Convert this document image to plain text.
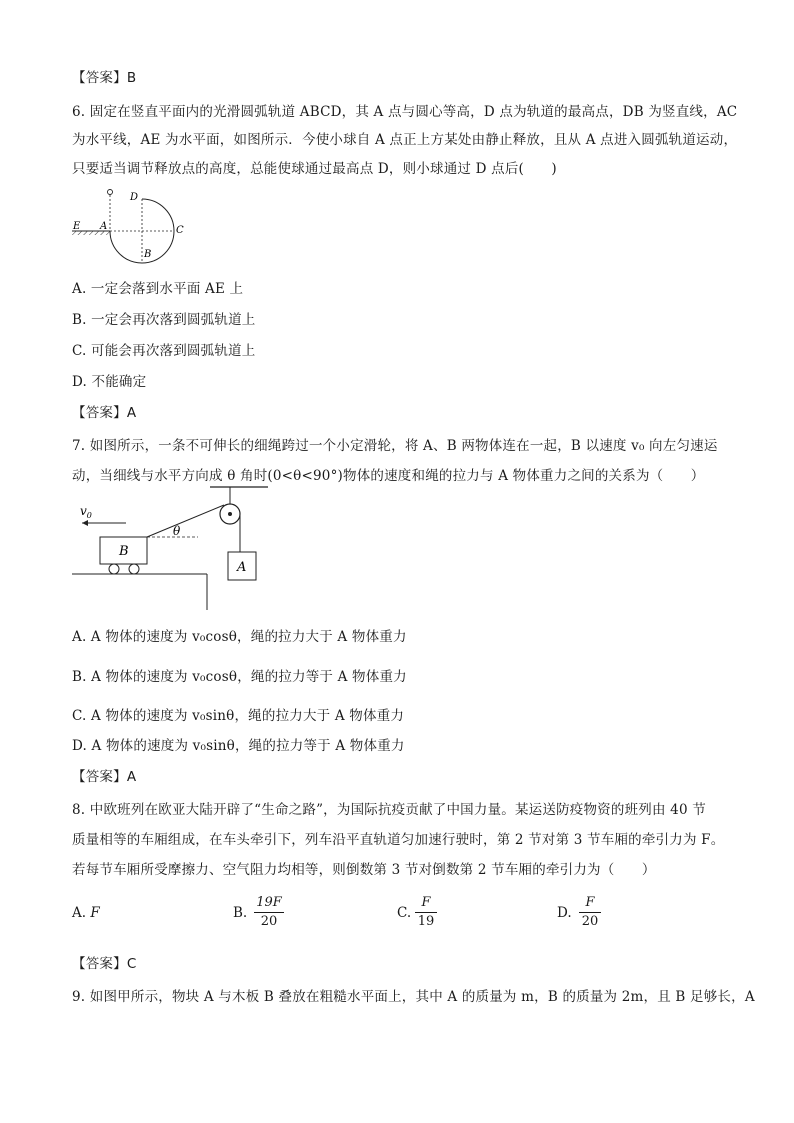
【答案】B
6. 固定在竖直平面内的光滑圆弧轨道 ABCD，其 A 点与圆心等高，D 点为轨道的最高点，DB 为竖直线，AC
为水平线，AE 为水平面，如图所示．今使小球自 A 点正上方某处由静止释放，且从 A 点进入圆弧轨道运动，
只要适当调节释放点的高度，总能使球通过最高点 D，则小球通过 D 点后(　　)
E A
D
C
B
A. 一定会落到水平面 AE 上
B. 一定会再次落到圆弧轨道上
C. 可能会再次落到圆弧轨道上
D. 不能确定
【答案】A
7. 如图所示，一条不可伸长的细绳跨过一个小定滑轮，将 A、B 两物体连在一起，B 以速度 v₀ 向左匀速运
动，当细线与水平方向成 θ 角时(0<θ<90°)物体的速度和绳的拉力与 A 物体重力之间的关系为（　　）
$v_0$
θ
B
A
A. A 物体的速度为 v₀cosθ，绳的拉力大于 A 物体重力
B. A 物体的速度为 v₀cosθ，绳的拉力等于 A 物体重力
C. A 物体的速度为 v₀sinθ，绳的拉力大于 A 物体重力
D. A 物体的速度为 v₀sinθ，绳的拉力等于 A 物体重力
【答案】A
8. 中欧班列在欧亚大陆开辟了“生命之路”，为国际抗疫贡献了中国力量。某运送防疫物资的班列由 40 节
质量相等的车厢组成，在车头牵引下，列车沿平直轨道匀加速行驶时，第 2 节对第 3 节车厢的牵引力为 F。
若每节车厢所受摩擦力、空气阻力均相等，则倒数第 3 节对倒数第 2 节车厢的牵引力为（　　）
A. F	B.
19F
20
C.
F
19
D.
F
20
【答案】C
9. 如图甲所示，物块 A 与木板 B 叠放在粗糙水平面上，其中 A 的质量为 m，B 的质量为 2m，且 B 足够长，A
